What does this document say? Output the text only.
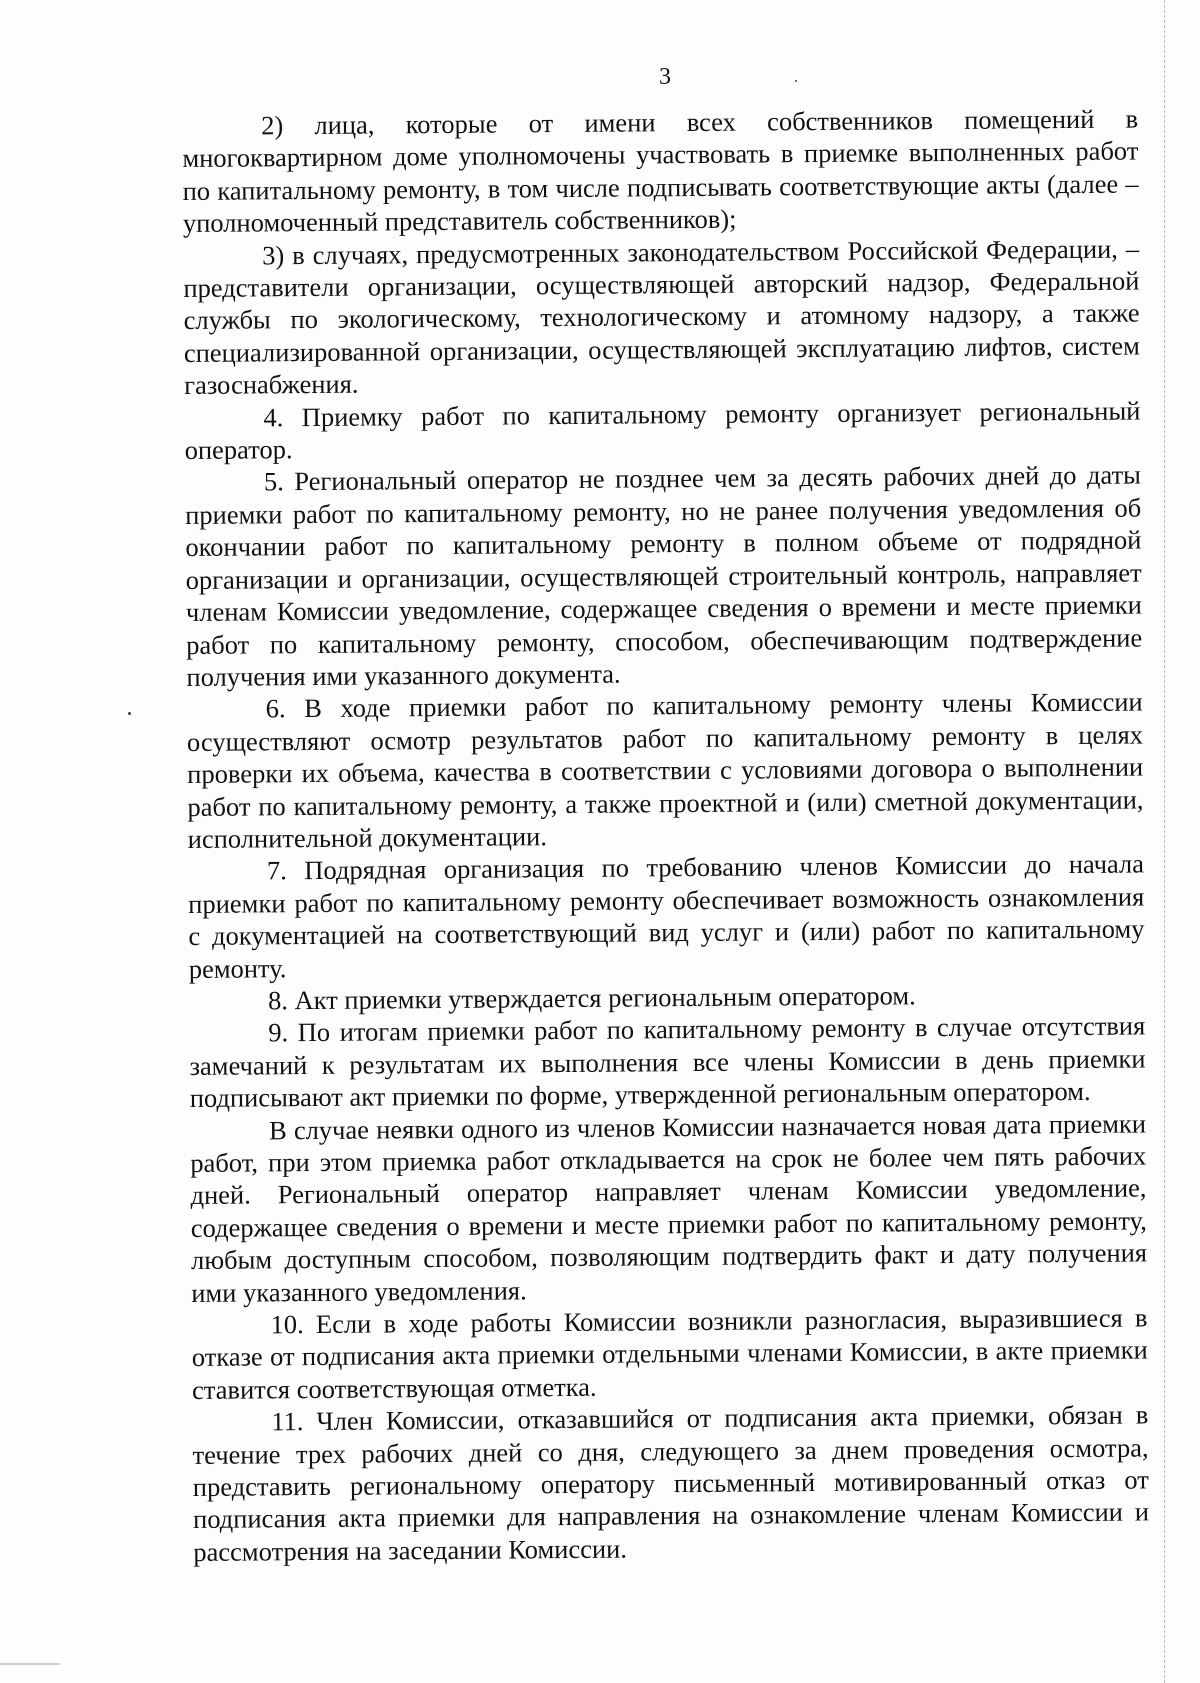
3

2) лица, которые от имени всех собственников помещений в многоквартирном доме уполномочены участвовать в приемке выполненных работ по капитальному ремонту, в том числе подписывать соответствующие акты (далее – уполномоченный представитель собственников);

3) в случаях, предусмотренных законодательством Российской Федерации, – представители организации, осуществляющей авторский надзор, Федеральной службы по экологическому, технологическому и атомному надзору, а также специализированной организации, осуществляющей эксплуатацию лифтов, систем газоснабжения.

4. Приемку работ по капитальному ремонту организует региональный оператор.

5. Региональный оператор не позднее чем за десять рабочих дней до даты приемки работ по капитальному ремонту, но не ранее получения уведомления об окончании работ по капитальному ремонту в полном объеме от подрядной организации и организации, осуществляющей строительный контроль, направляет членам Комиссии уведомление, содержащее сведения о времени и месте приемки работ по капитальному ремонту, способом, обеспечивающим подтверждение получения ими указанного документа.

6. В ходе приемки работ по капитальному ремонту члены Комиссии осуществляют осмотр результатов работ по капитальному ремонту в целях проверки их объема, качества в соответствии с условиями договора о выполнении работ по капитальному ремонту, а также проектной и (или) сметной документации, исполнительной документации.

7. Подрядная организация по требованию членов Комиссии до начала приемки работ по капитальному ремонту обеспечивает возможность ознакомления с документацией на соответствующий вид услуг и (или) работ по капитальному ремонту.

8. Акт приемки утверждается региональным оператором.

9. По итогам приемки работ по капитальному ремонту в случае отсутствия замечаний к результатам их выполнения все члены Комиссии в день приемки подписывают акт приемки по форме, утвержденной региональным оператором.

В случае неявки одного из членов Комиссии назначается новая дата приемки работ, при этом приемка работ откладывается на срок не более чем пять рабочих дней. Региональный оператор направляет членам Комиссии уведомление, содержащее сведения о времени и месте приемки работ по капитальному ремонту, любым доступным способом, позволяющим подтвердить факт и дату получения ими указанного уведомления.

10. Если в ходе работы Комиссии возникли разногласия, выразившиеся в отказе от подписания акта приемки отдельными членами Комиссии, в акте приемки ставится соответствующая отметка.

11. Член Комиссии, отказавшийся от подписания акта приемки, обязан в течение трех рабочих дней со дня, следующего за днем проведения осмотра, представить региональному оператору письменный мотивированный отказ от подписания акта приемки для направления на ознакомление членам Комиссии и рассмотрения на заседании Комиссии.
